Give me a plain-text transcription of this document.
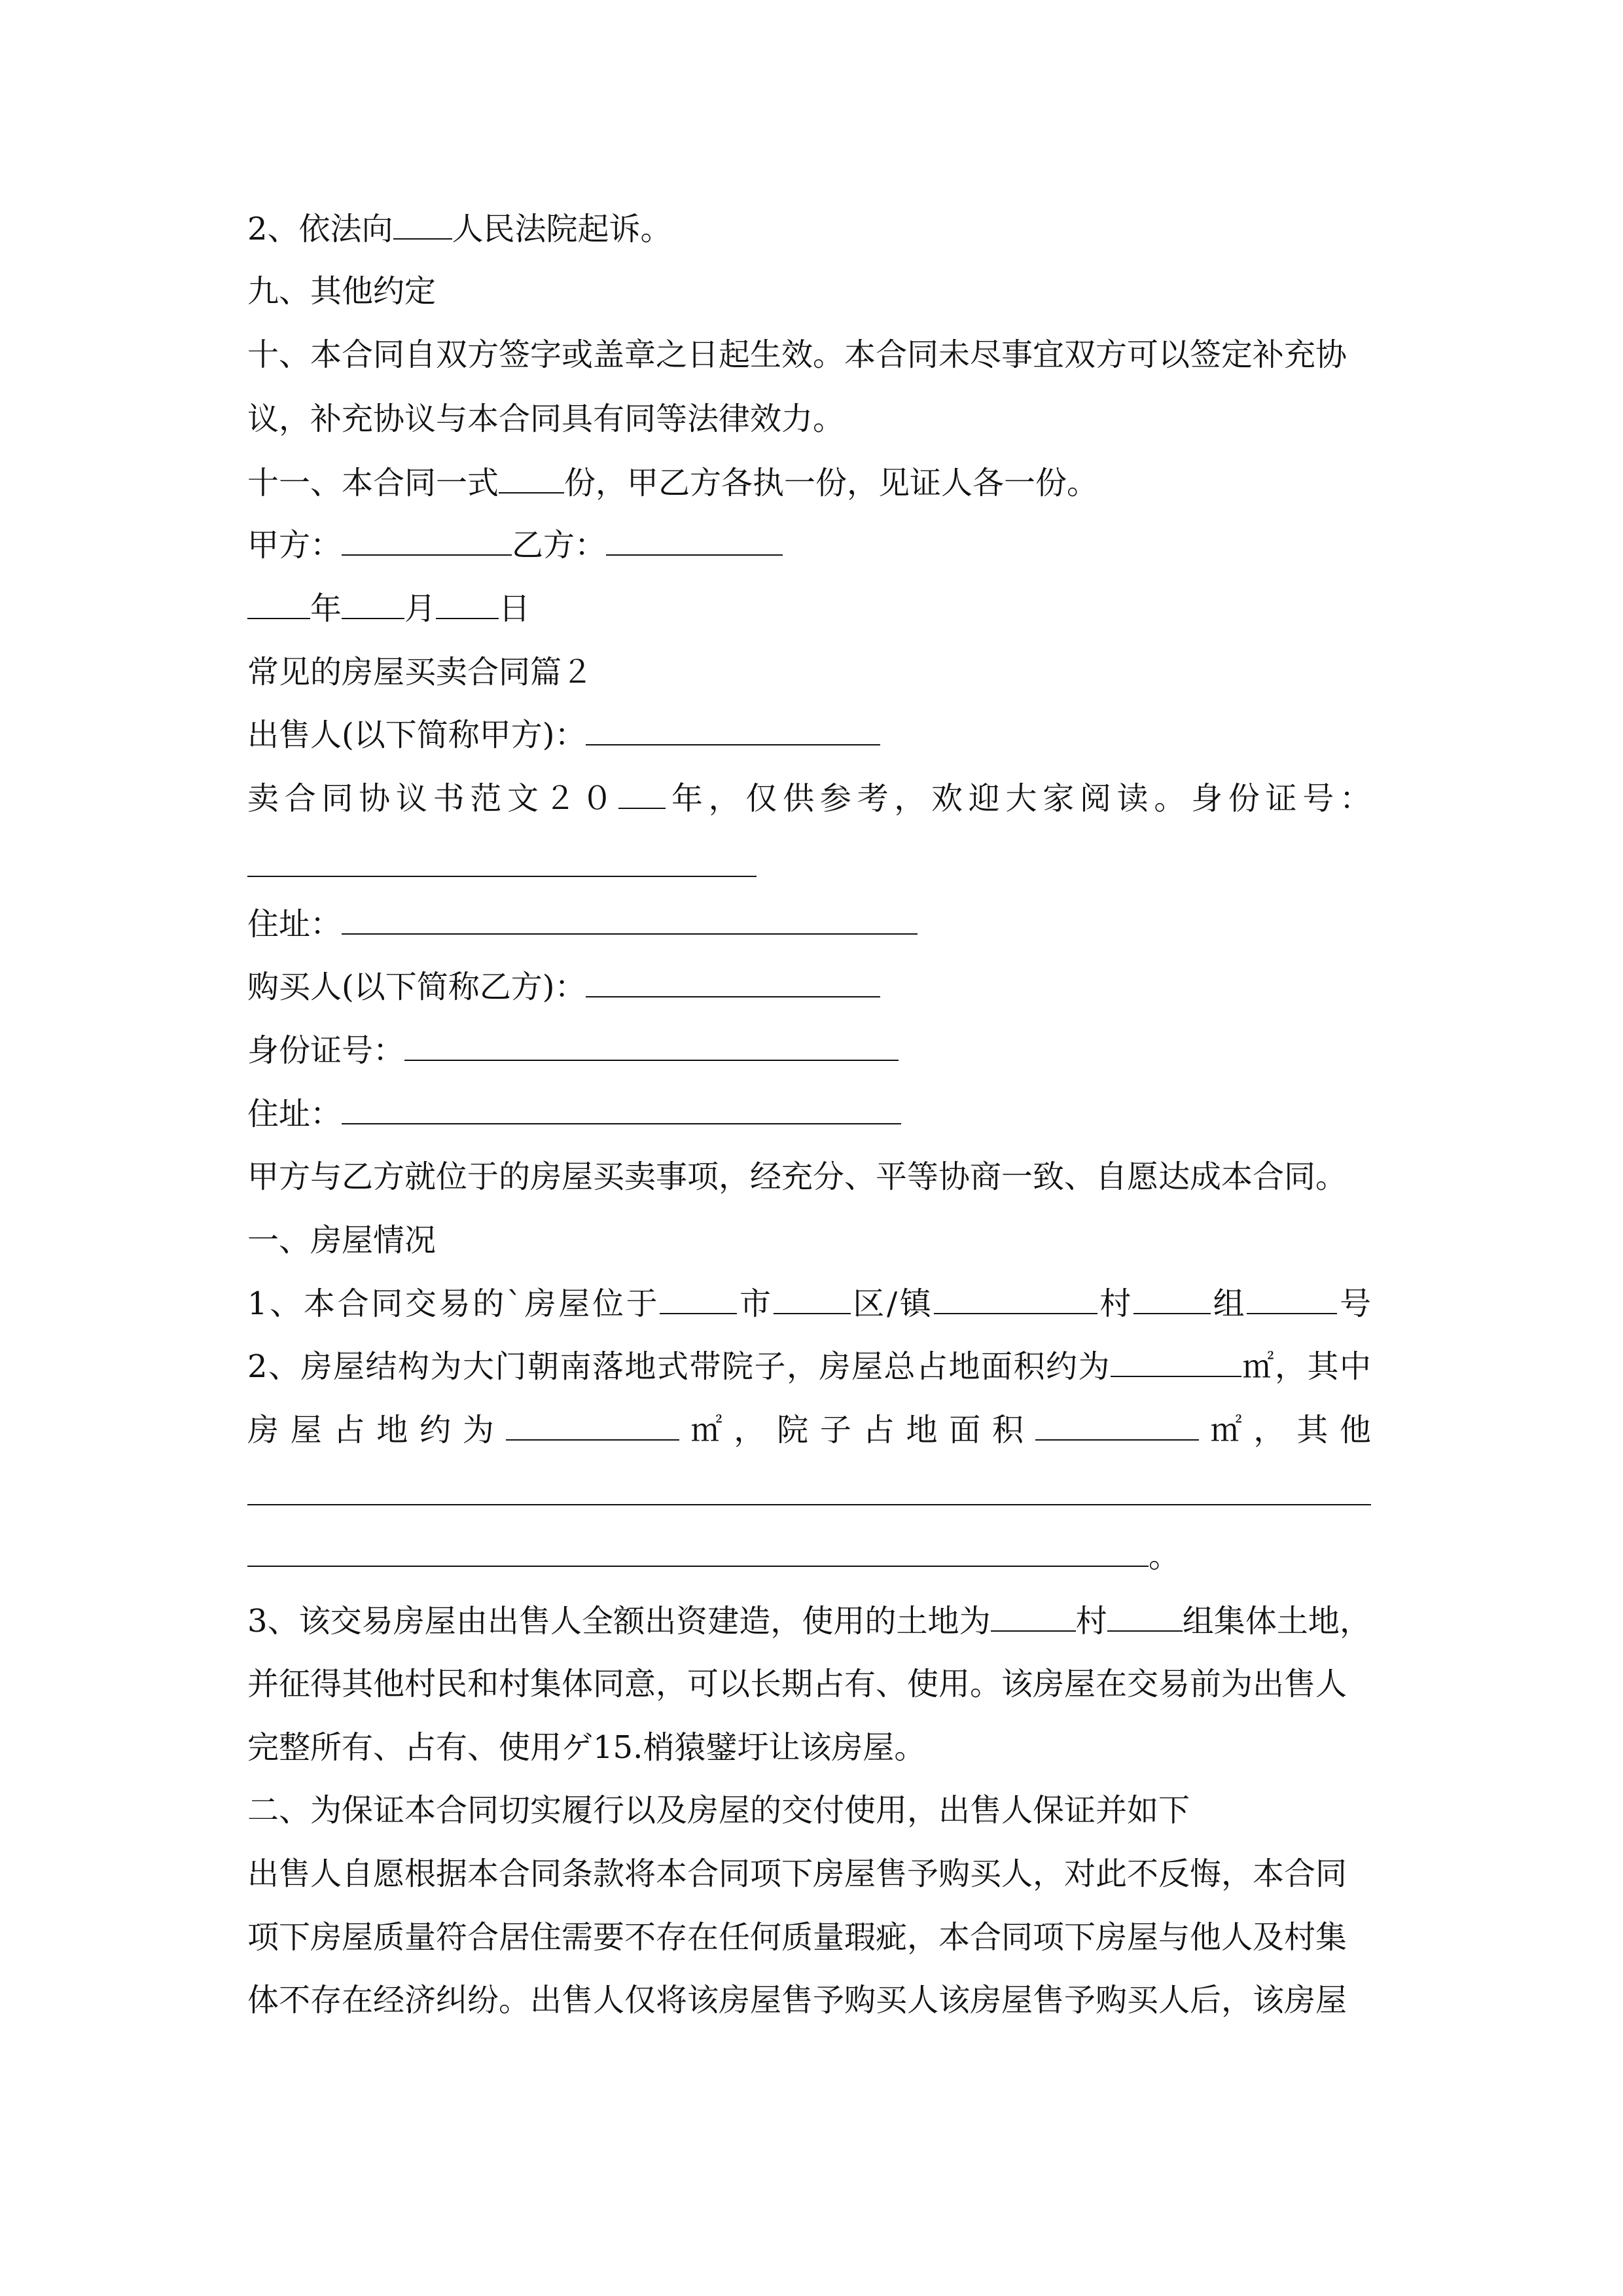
2、依法向 人民法院起诉。
九、其他约定
十、本合同自双方签字或盖章之日起生效。本合同未尽事宜双方可以签定补充协
议，补充协议与本合同具有同等法律效力。
十一、本合同一式 份，甲乙方各执一份，见证人各一份。
甲方：	乙方：
年 月 日
常见的房屋买卖合同篇２
出售人(以下简称甲方)：
卖合同协议书范文２０ 年，仅供参考，欢迎大家阅读。身份证号：
住址：
购买人(以下简称乙方)：
身份证号：
住址：
甲方与乙方就位于的房屋买卖事项，经充分、平等协商一致、自愿达成本合同。
一、房屋情况
1、本合同交易的`房屋位于 市 区/镇	村 组	号
2、房屋结构为大门朝南落地式带院子，房屋总占地面积约为	㎡，其中
房屋占地约为	㎡，院子占地面积	㎡，其他
。
3、该交易房屋由出售人全额出资建造，使用的土地为	村 组集体土地，
并征得其他村民和村集体同意，可以长期占有、使用。该房屋在交易前为出售人
完整所有、占有、使用ゲ15.梢猿鐾圩让该房屋。
二、为保证本合同切实履行以及房屋的交付使用，出售人保证并如下
出售人自愿根据本合同条款将本合同项下房屋售予购买人，对此不反悔，本合同
项下房屋质量符合居住需要不存在任何质量瑕疵，本合同项下房屋与他人及村集
体不存在经济纠纷。出售人仅将该房屋售予购买人该房屋售予购买人后，该房屋
